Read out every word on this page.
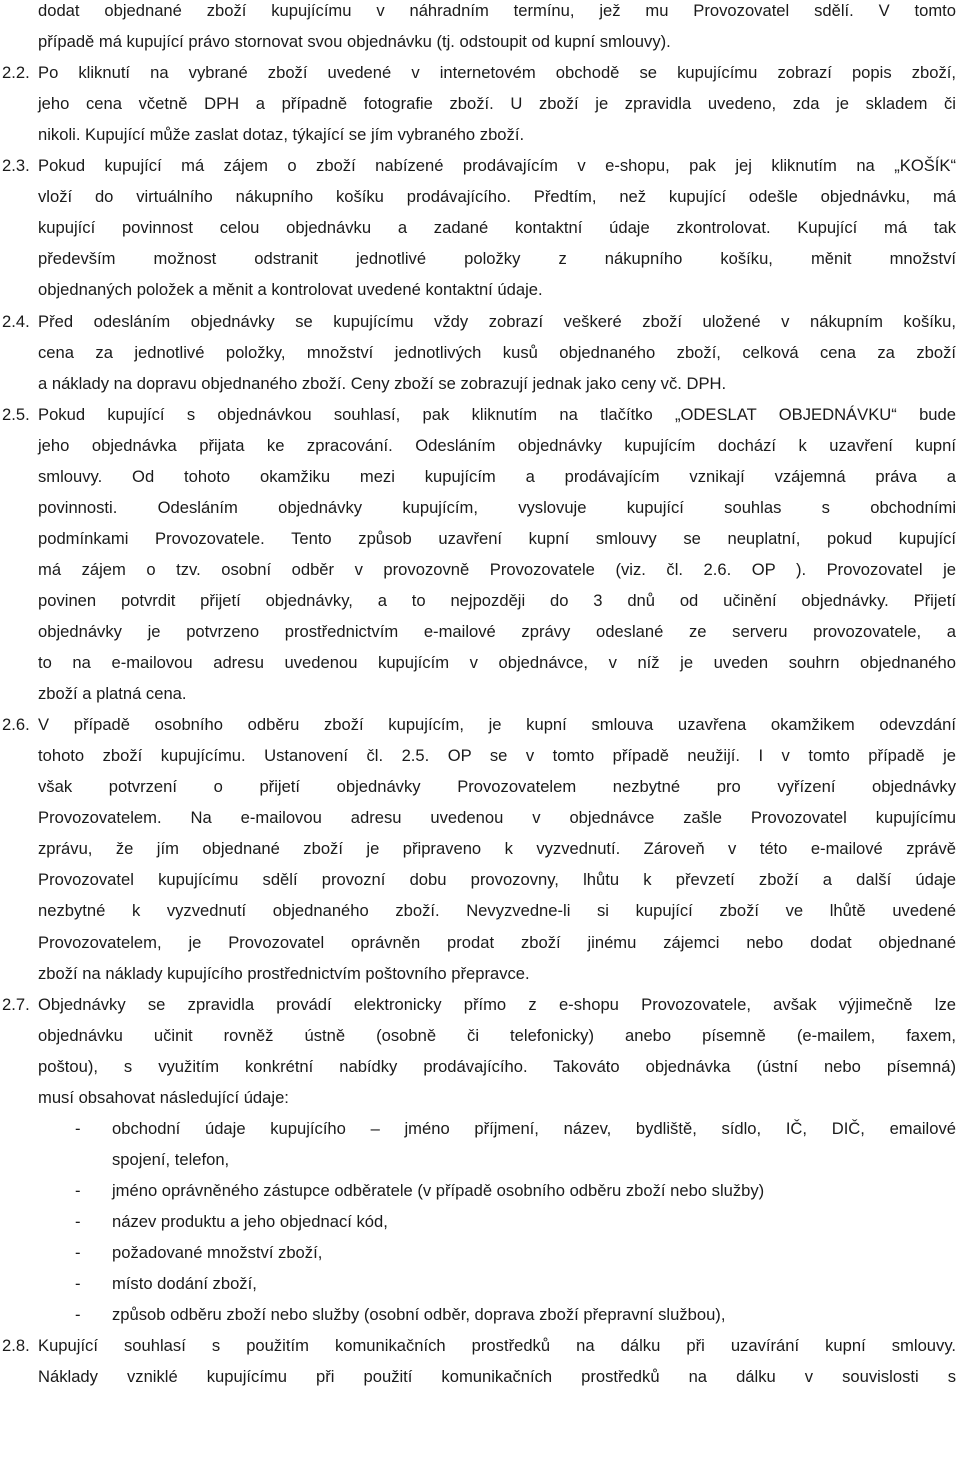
dodat objednané zboží kupujícímu v náhradním termínu, jež mu Provozovatel sdělí. V tomto
případě má kupující právo stornovat svou objednávku (tj. odstoupit od kupní smlouvy).
2.2. Po kliknutí na vybrané zboží uvedené v internetovém obchodě se kupujícímu zobrazí popis zboží,
jeho cena včetně DPH a případně fotografie zboží. U zboží je zpravidla uvedeno, zda je skladem či
nikoli. Kupující může zaslat dotaz, týkající se jím vybraného zboží.
2.3. Pokud kupující má zájem o zboží nabízené prodávajícím v e-shopu, pak jej kliknutím na „KOŠÍK“
vloží do virtuálního nákupního košíku prodávajícího. Předtím, než kupující odešle objednávku, má
kupující povinnost celou objednávku a zadané kontaktní údaje zkontrolovat. Kupující má tak
především možnost odstranit jednotlivé položky z nákupního košíku, měnit množství
objednaných položek a měnit a kontrolovat uvedené kontaktní údaje.
2.4. Před odesláním objednávky se kupujícímu vždy zobrazí veškeré zboží uložené v nákupním košíku,
cena za jednotlivé položky, množství jednotlivých kusů objednaného zboží, celková cena za zboží
a náklady na dopravu objednaného zboží. Ceny zboží se zobrazují jednak jako ceny vč. DPH.
2.5. Pokud kupující s objednávkou souhlasí, pak kliknutím na tlačítko „ODESLAT OBJEDNÁVKU“ bude
jeho objednávka přijata ke zpracování. Odesláním objednávky kupujícím dochází k uzavření kupní
smlouvy. Od tohoto okamžiku mezi kupujícím a prodávajícím vznikají vzájemná práva a
povinnosti. Odesláním objednávky kupujícím, vyslovuje kupující souhlas s obchodními
podmínkami Provozovatele. Tento způsob uzavření kupní smlouvy se neuplatní, pokud kupující
má zájem o tzv. osobní odběr v provozovně Provozovatele (viz. čl. 2.6. OP ). Provozovatel je
povinen potvrdit přijetí objednávky, a to nejpozději do 3 dnů od učinění objednávky. Přijetí
objednávky je potvrzeno prostřednictvím e-mailové zprávy odeslané ze serveru provozovatele, a
to na e-mailovou adresu uvedenou kupujícím v objednávce, v níž je uveden souhrn objednaného
zboží a platná cena.
2.6. V případě osobního odběru zboží kupujícím, je kupní smlouva uzavřena okamžikem odevzdání
tohoto zboží kupujícímu. Ustanovení čl. 2.5. OP se v tomto případě neužijí. I v tomto případě je
však potvrzení o přijetí objednávky Provozovatelem nezbytné pro vyřízení objednávky
Provozovatelem. Na e-mailovou adresu uvedenou v objednávce zašle Provozovatel kupujícímu
zprávu, že jím objednané zboží je připraveno k vyzvednutí. Zároveň v této e-mailové zprávě
Provozovatel kupujícímu sdělí provozní dobu provozovny, lhůtu k převzetí zboží a další údaje
nezbytné k vyzvednutí objednaného zboží. Nevyzvedne-li si kupující zboží ve lhůtě uvedené
Provozovatelem, je Provozovatel oprávněn prodat zboží jinému zájemci nebo dodat objednané
zboží na náklady kupujícího prostřednictvím poštovního přepravce.
2.7. Objednávky se zpravidla provádí elektronicky přímo z e-shopu Provozovatele, avšak výjimečně lze
objednávku učinit rovněž ústně (osobně či telefonicky) anebo písemně (e-mailem, faxem,
poštou), s využitím konkrétní nabídky prodávajícího. Takováto objednávka (ústní nebo písemná)
musí obsahovat následující údaje:
- obchodní údaje kupujícího – jméno příjmení, název, bydliště, sídlo, IČ, DIČ, emailové
spojení, telefon,
- jméno oprávněného zástupce odběratele (v případě osobního odběru zboží nebo služby)
- název produktu a jeho objednací kód,
- požadované množství zboží,
- místo dodání zboží,
- způsob odběru zboží nebo služby (osobní odběr, doprava zboží přepravní službou),
2.8. Kupující souhlasí s použitím komunikačních prostředků na dálku při uzavírání kupní smlouvy.
Náklady vzniklé kupujícímu při použití komunikačních prostředků na dálku v souvislosti s
